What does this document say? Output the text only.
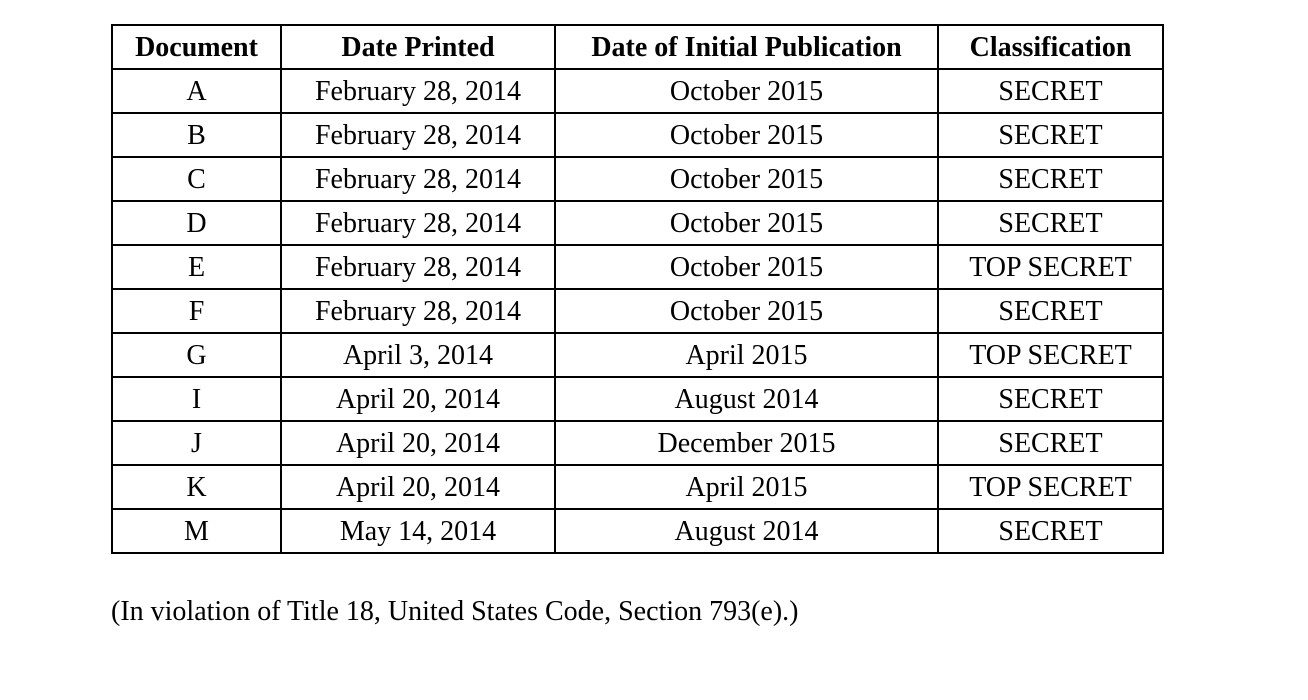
Document	Date Printed	Date of Initial Publication	Classification
A	February 28, 2014	October 2015	SECRET
B	February 28, 2014	October 2015	SECRET
C	February 28, 2014	October 2015	SECRET
D	February 28, 2014	October 2015	SECRET
E	February 28, 2014	October 2015	TOP SECRET
F	February 28, 2014	October 2015	SECRET
G	April 3, 2014	April 2015	TOP SECRET
I	April 20, 2014	August 2014	SECRET
J	April 20, 2014	December 2015	SECRET
K	April 20, 2014	April 2015	TOP SECRET
M	May 14, 2014	August 2014	SECRET

(In violation of Title 18, United States Code, Section 793(e).)
